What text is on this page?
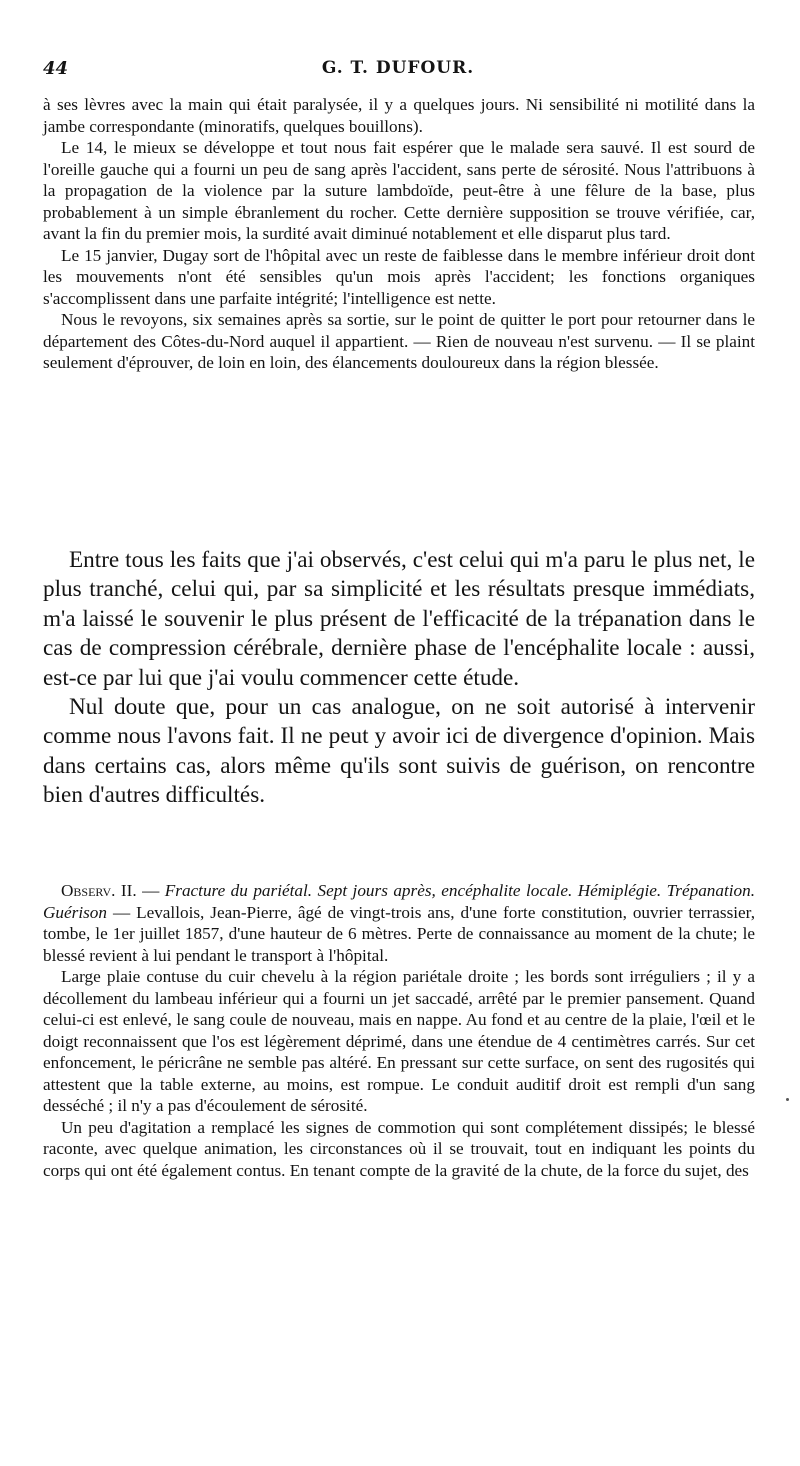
44	G. T. DUFOUR.

à ses lèvres avec la main qui était paralysée, il y a quelques jours. Ni sensibilité ni motilité dans la jambe correspondante (minoratifs, quelques bouillons).

Le 14, le mieux se développe et tout nous fait espérer que le malade sera sauvé. Il est sourd de l'oreille gauche qui a fourni un peu de sang après l'accident, sans perte de sérosité. Nous l'attribuons à la propagation de la violence par la suture lambdoïde, peut-être à une fêlure de la base, plus probablement à un simple ébranlement du rocher. Cette dernière supposition se trouve vérifiée, car, avant la fin du premier mois, la surdité avait diminué notablement et elle disparut plus tard.

Le 15 janvier, Dugay sort de l'hôpital avec un reste de faiblesse dans le membre inférieur droit dont les mouvements n'ont été sensibles qu'un mois après l'accident; les fonctions organiques s'accomplissent dans une parfaite intégrité; l'intelligence est nette.

Nous le revoyons, six semaines après sa sortie, sur le point de quitter le port pour retourner dans le département des Côtes-du-Nord auquel il appartient. — Rien de nouveau n'est survenu. — Il se plaint seulement d'éprouver, de loin en loin, des élancements douloureux dans la région blessée.

Entre tous les faits que j'ai observés, c'est celui qui m'a paru le plus net, le plus tranché, celui qui, par sa simplicité et les résultats presque immédiats, m'a laissé le souvenir le plus présent de l'efficacité de la trépanation dans le cas de compression cérébrale, dernière phase de l'encéphalite locale : aussi, est-ce par lui que j'ai voulu commencer cette étude.

Nul doute que, pour un cas analogue, on ne soit autorisé à intervenir comme nous l'avons fait. Il ne peut y avoir ici de divergence d'opinion. Mais dans certains cas, alors même qu'ils sont suivis de guérison, on rencontre bien d'autres difficultés.

Observ. II. — Fracture du pariétal. Sept jours après, encéphalite locale. Hémiplégie. Trépanation. Guérison — Levallois, Jean-Pierre, âgé de vingt-trois ans, d'une forte constitution, ouvrier terrassier, tombe, le 1er juillet 1857, d'une hauteur de 6 mètres. Perte de connaissance au moment de la chute; le blessé revient à lui pendant le transport à l'hôpital.

Large plaie contuse du cuir chevelu à la région pariétale droite ; les bords sont irréguliers ; il y a décollement du lambeau inférieur qui a fourni un jet saccadé, arrêté par le premier pansement. Quand celui-ci est enlevé, le sang coule de nouveau, mais en nappe. Au fond et au centre de la plaie, l'œil et le doigt reconnaissent que l'os est légèrement déprimé, dans une étendue de 4 centimètres carrés. Sur cet enfoncement, le péricrâne ne semble pas altéré. En pressant sur cette surface, on sent des rugosités qui attestent que la table externe, au moins, est rompue. Le conduit auditif droit est rempli d'un sang desséché ; il n'y a pas d'écoulement de sérosité.

Un peu d'agitation a remplacé les signes de commotion qui sont complétement dissipés; le blessé raconte, avec quelque animation, les circonstances où il se trouvait, tout en indiquant les points du corps qui ont été également contus. En tenant compte de la gravité de la chute, de la force du sujet, des
